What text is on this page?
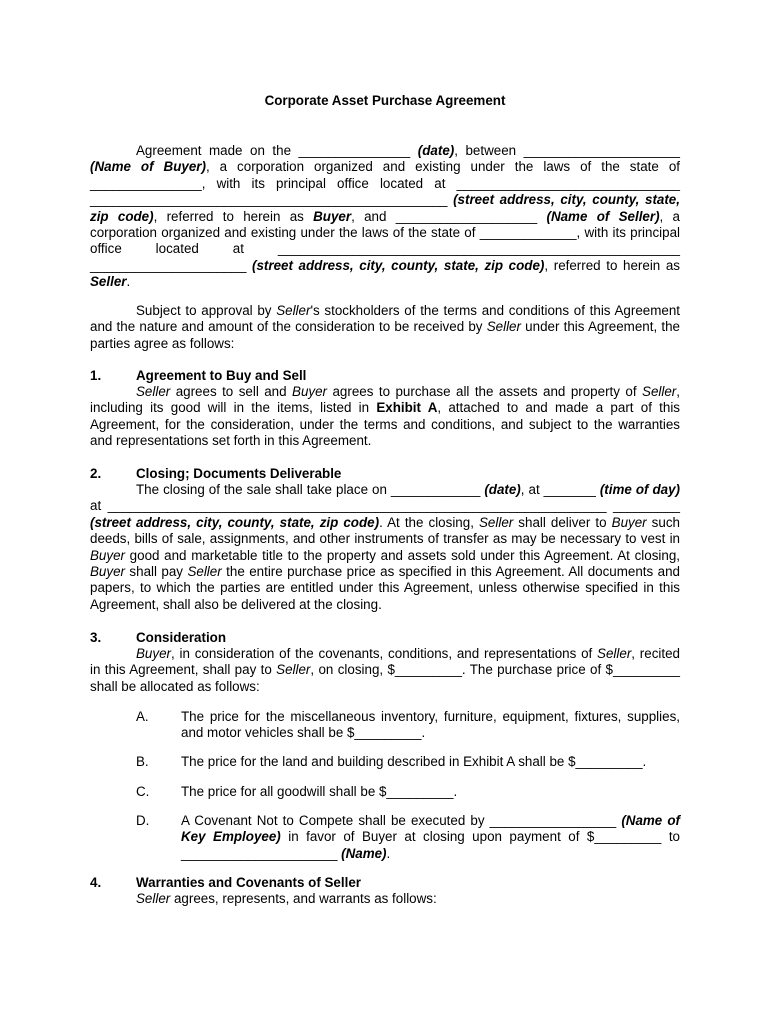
Corporate Asset Purchase Agreement

Agreement made on the _______________ (date), between _____________________ (Name of Buyer), a corporation organized and existing under the laws of the state of _______________, with its principal office located at ______________________________ ________________________________________________ (street address, city, county, state, zip code), referred to herein as Buyer, and ___________________ (Name of Seller), a corporation organized and existing under the laws of the state of _____________, with its principal office located at ______________________________________________________ _____________________ (street address, city, county, state, zip code), referred to herein as Seller.

Subject to approval by Seller's stockholders of the terms and conditions of this Agreement and the nature and amount of the consideration to be received by Seller under this Agreement, the parties agree as follows:

1.	Agreement to Buy and Sell

Seller agrees to sell and Buyer agrees to purchase all the assets and property of Seller, including its good will in the items, listed in Exhibit A, attached to and made a part of this Agreement, for the consideration, under the terms and conditions, and subject to the warranties and representations set forth in this Agreement.

2.	Closing; Documents Deliverable

The closing of the sale shall take place on ____________ (date), at _______ (time of day) at ___________________________________________________________________ _________ (street address, city, county, state, zip code). At the closing, Seller shall deliver to Buyer such deeds, bills of sale, assignments, and other instruments of transfer as may be necessary to vest in Buyer good and marketable title to the property and assets sold under this Agreement. At closing, Buyer shall pay Seller the entire purchase price as specified in this Agreement. All documents and papers, to which the parties are entitled under this Agreement, unless otherwise specified in this Agreement, shall also be delivered at the closing.

3.	Consideration

Buyer, in consideration of the covenants, conditions, and representations of Seller, recited in this Agreement, shall pay to Seller, on closing, $_________. The purchase price of $_________ shall be allocated as follows:

A. The price for the miscellaneous inventory, furniture, equipment, fixtures, supplies, and motor vehicles shall be $_________.
B. The price for the land and building described in Exhibit A shall be $_________.
C. The price for all goodwill shall be $_________.
D. A Covenant Not to Compete shall be executed by _________________ (Name of Key Employee) in favor of Buyer at closing upon payment of $_________ to _____________________ (Name).
4.	Warranties and Covenants of Seller

Seller agrees, represents, and warrants as follows:
